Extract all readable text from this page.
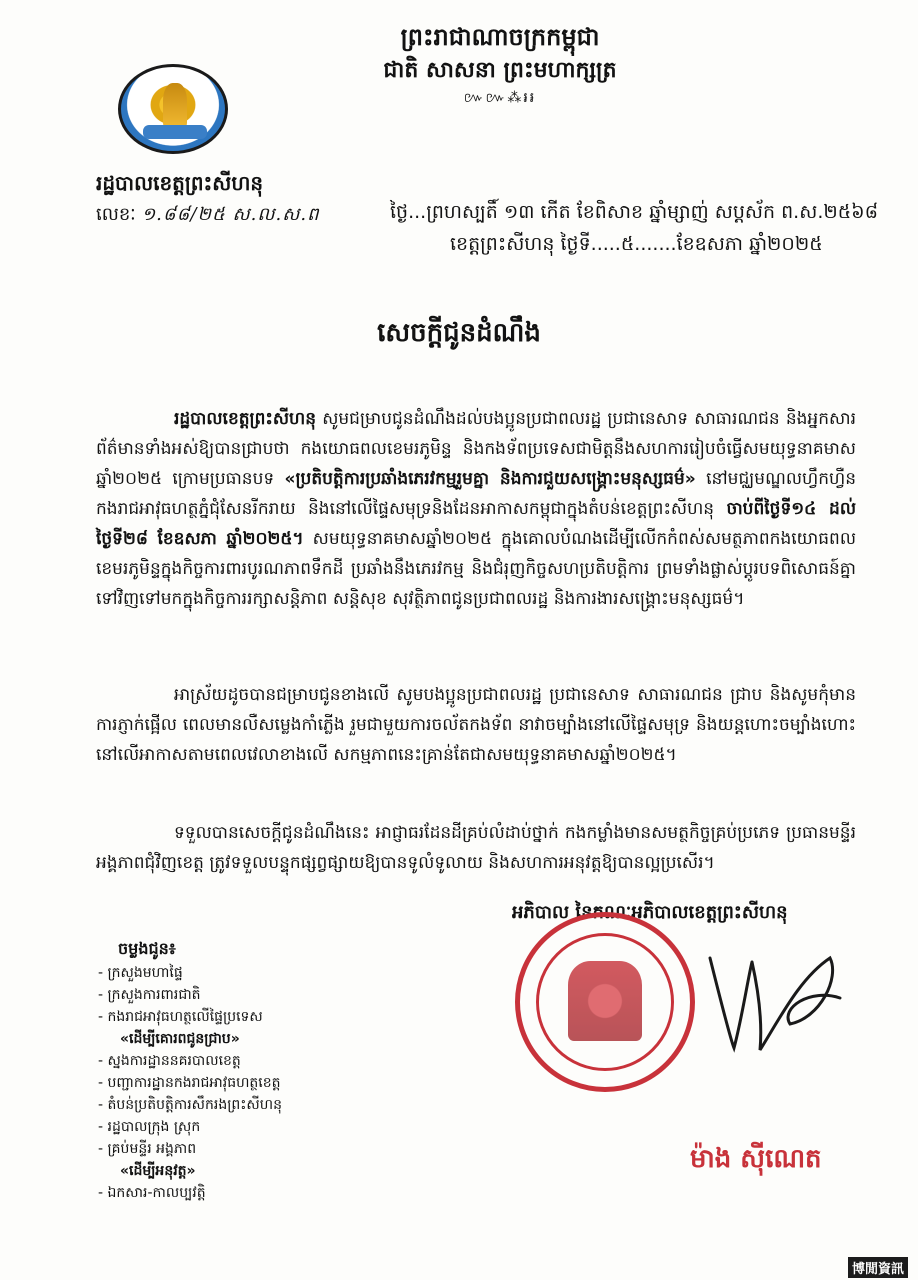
ព្រះរាជាណាចក្រកម្ពុជា
ជាតិ សាសនា ព្រះមហាក្សត្រ
៚៚⁂៛៛
រដ្ឋបាលខេត្តព្រះសីហនុ
លេខៈ ១.៨៨/២៥ ស.ល.ស.ព	ថ្ងៃ...ព្រហស្បតិ៍ ១៣ កើត ខែពិសាខ ឆ្នាំម្សាញ់ សប្តស័ក ព.ស.២៥៦៨
ខេត្តព្រះសីហនុ ថ្ងៃទី.....៥.......ខែឧសភា ឆ្នាំ២០២៥
សេចក្តីជូនដំណឹង
រដ្ឋបាលខេត្តព្រះសីហនុ សូមជម្រាបជូនដំណឹងដល់បងប្អូនប្រជាពលរដ្ឋ ប្រជានេសាទ សាធារណជន និងអ្នកសារព័ត៌មានទាំងអស់ឱ្យបានជ្រាបថា កងយោធពលខេមរភូមិន្ទ និងកងទ័ពប្រទេសជាមិត្តនឹងសហការរៀបចំធ្វើសមយុទ្ធនាគមាសឆ្នាំ២០២៥ ក្រោមប្រធានបទ «ប្រតិបត្តិការប្រឆាំងភេរវកម្មរួមគ្នា និងការជួយសង្គ្រោះមនុស្សធម៌» នៅមជ្ឈមណ្ឌលហ្វឹកហ្វឺនកងរាជអាវុធហត្ថភ្នំជុំសែនរីករាយ និងនៅលើផ្ទៃសមុទ្រនិងដែនអាកាសកម្ពុជាក្នុងតំបន់ខេត្តព្រះសីហនុ ចាប់ពីថ្ងៃទី១៤ ដល់ថ្ងៃទី២៨ ខែឧសភា ឆ្នាំ២០២៥។ សមយុទ្ធនាគមាសឆ្នាំ២០២៥ ក្នុងគោលបំណងដើម្បីលើកកំពស់សមត្ថភាពកងយោធពលខេមរភូមិន្ទក្នុងកិច្ចការពារបូរណភាពទឹកដី ប្រឆាំងនឹងភេរវកម្ម និងជំរុញកិច្ចសហប្រតិបត្តិការ ព្រមទាំងផ្លាស់ប្តូរបទពិសោធន៍គ្នាទៅវិញទៅមកក្នុងកិច្ចការរក្សាសន្តិភាព សន្តិសុខ សុវត្ថិភាពជូនប្រជាពលរដ្ឋ និងការងារសង្គ្រោះមនុស្សធម៌។
អាស្រ័យដូចបានជម្រាបជូនខាងលើ សូមបងប្អូនប្រជាពលរដ្ឋ ប្រជានេសាទ សាធារណជន ជ្រាប និងសូមកុំមានការភ្ញាក់ផ្អើល ពេលមានលឺសម្លេងកាំភ្លើង រួមជាមួយការចល័តកងទ័ព នាវាចម្បាំងនៅលើផ្ទៃសមុទ្រ និងយន្តហោះចម្បាំងហោះនៅលើអាកាសតាមពេលវេលាខាងលើ សកម្មភាពនេះគ្រាន់តែជាសមយុទ្ធនាគមាសឆ្នាំ២០២៥។
ទទួលបានសេចក្តីជូនដំណឹងនេះ អាជ្ញាធរដែនដីគ្រប់លំដាប់ថ្នាក់ កងកម្លាំងមានសមត្ថកិច្ចគ្រប់ប្រភេទ ប្រធានមន្ទីរ អង្គភាពជុំវិញខេត្ត ត្រូវទទួលបន្ទុកផ្សព្វផ្សាយឱ្យបានទូលំទូលាយ និងសហការអនុវត្តឱ្យបានល្អប្រសើរ។
អភិបាល នៃគណៈអភិបាលខេត្តព្រះសីហនុ
ម៉ាង ស៊ីណេត
ចម្លងជូន៖
- ក្រសួងមហាផ្ទៃ
- ក្រសួងការពារជាតិ
- កងរាជអាវុធហត្ថលើផ្ទៃប្រទេស
«ដើម្បីគោរពជូនជ្រាប»
- ស្នងការដ្ឋាននគរបាលខេត្ត
- បញ្ជាការដ្ឋានកងរាជអាវុធហត្ថខេត្ត
- តំបន់ប្រតិបត្តិការសឹករងព្រះសីហនុ
- រដ្ឋបាលក្រុង ស្រុក
- គ្រប់មន្ទីរ អង្គភាព
«ដើម្បីអនុវត្ត»
- ឯកសារ-កាលប្បវត្តិ
博閒資訊
